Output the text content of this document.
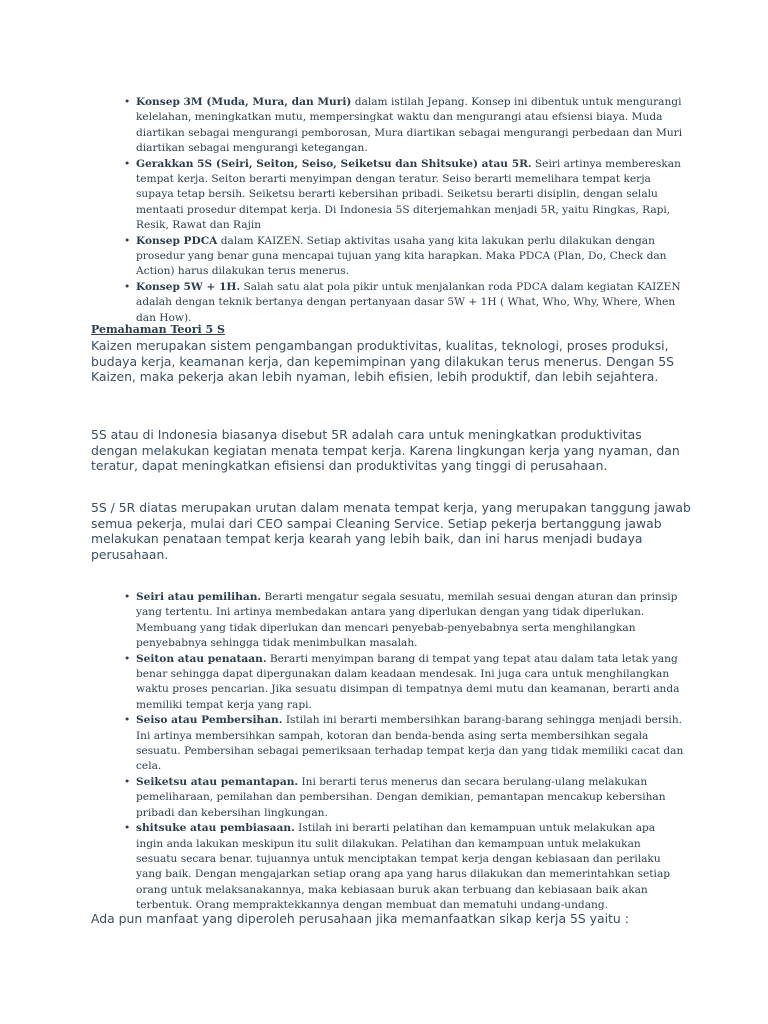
• Konsep 3M (Muda, Mura, dan Muri) dalam istilah Jepang. Konsep ini dibentuk untuk mengurangi kelelahan, meningkatkan mutu, mempersingkat waktu dan mengurangi atau efsiensi biaya. Muda diartikan sebagai mengurangi pemborosan, Mura diartikan sebagai mengurangi perbedaan dan Muri diartikan sebagai mengurangi ketegangan.
• Gerakkan 5S (Seiri, Seiton, Seiso, Seiketsu dan Shitsuke) atau 5R. Seiri artinya membereskan tempat kerja. Seiton berarti menyimpan dengan teratur. Seiso berarti memelihara tempat kerja supaya tetap bersih. Seiketsu berarti kebersihan pribadi. Seiketsu berarti disiplin, dengan selalu mentaati prosedur ditempat kerja. Di Indonesia 5S diterjemahkan menjadi 5R, yaitu Ringkas, Rapi, Resik, Rawat dan Rajin
• Konsep PDCA dalam KAIZEN. Setiap aktivitas usaha yang kita lakukan perlu dilakukan dengan prosedur yang benar guna mencapai tujuan yang kita harapkan. Maka PDCA (Plan, Do, Check dan Action) harus dilakukan terus menerus.
• Konsep 5W + 1H. Salah satu alat pola pikir untuk menjalankan roda PDCA dalam kegiatan KAIZEN adalah dengan teknik bertanya dengan pertanyaan dasar 5W + 1H ( What, Who, Why, Where, When dan How).

Pemahaman Teori 5 S

Kaizen merupakan sistem pengambangan produktivitas, kualitas, teknologi, proses produksi, budaya kerja, keamanan kerja, dan kepemimpinan yang dilakukan terus menerus. Dengan 5S Kaizen, maka pekerja akan lebih nyaman, lebih efisien, lebih produktif, dan lebih sejahtera.

5S atau di Indonesia biasanya disebut 5R adalah cara untuk meningkatkan produktivitas dengan melakukan kegiatan menata tempat kerja. Karena lingkungan kerja yang nyaman, dan teratur, dapat meningkatkan efisiensi dan produktivitas yang tinggi di perusahaan.

5S / 5R diatas merupakan urutan dalam menata tempat kerja, yang merupakan tanggung jawab semua pekerja, mulai dari CEO sampai Cleaning Service. Setiap pekerja bertanggung jawab melakukan penataan tempat kerja kearah yang lebih baik, dan ini harus menjadi budaya perusahaan.

• Seiri atau pemilihan. Berarti mengatur segala sesuatu, memilah sesuai dengan aturan dan prinsip yang tertentu. Ini artinya membedakan antara yang diperlukan dengan yang tidak diperlukan. Membuang yang tidak diperlukan dan mencari penyebab-penyebabnya serta menghilangkan penyebabnya sehingga tidak menimbulkan masalah.
• Seiton atau penataan. Berarti menyimpan barang di tempat yang tepat atau dalam tata letak yang benar sehingga dapat dipergunakan dalam keadaan mendesak. Ini juga cara untuk menghilangkan waktu proses pencarian. Jika sesuatu disimpan di tempatnya demi mutu dan keamanan, berarti anda memiliki tempat kerja yang rapi.
• Seiso atau Pembersihan. Istilah ini berarti membersihkan barang-barang sehingga menjadi bersih. Ini artinya membersihkan sampah, kotoran dan benda-benda asing serta membersihkan segala sesuatu. Pembersihan sebagai pemeriksaan terhadap tempat kerja dan yang tidak memiliki cacat dan cela.
• Seiketsu atau pemantapan. Ini berarti terus menerus dan secara berulang-ulang melakukan pemeliharaan, pemilahan dan pembersihan. Dengan demikian, pemantapan mencakup kebersihan pribadi dan kebersihan lingkungan.
• shitsuke atau pembiasaan. Istilah ini berarti pelatihan dan kemampuan untuk melakukan apa ingin anda lakukan meskipun itu sulit dilakukan. Pelatihan dan kemampuan untuk melakukan sesuatu secara benar. tujuannya untuk menciptakan tempat kerja dengan kebiasaan dan perilaku yang baik. Dengan mengajarkan setiap orang apa yang harus dilakukan dan memerintahkan setiap orang untuk melaksanakannya, maka kebiasaan buruk akan terbuang dan kebiasaan baik akan terbentuk. Orang mempraktekkannya dengan membuat dan mematuhi undang-undang.

Ada pun manfaat yang diperoleh perusahaan jika memanfaatkan sikap kerja 5S yaitu :
